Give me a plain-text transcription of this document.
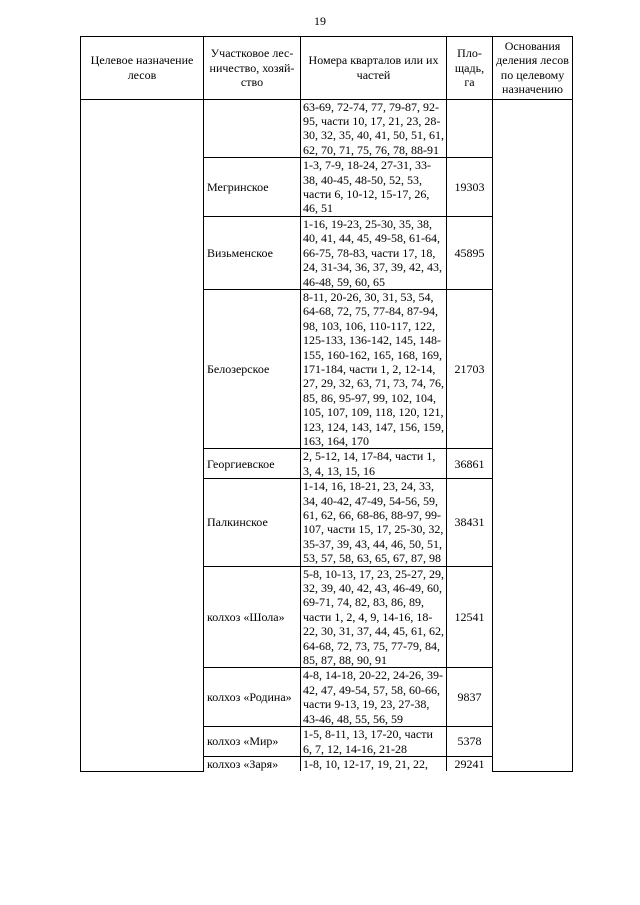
19
Целевое назначение лесов	Участковое лес-ничество, хозяй-ство	Номера кварталов или их частей	Пло-щадь, га	Основания деления лесов по целевому назначению
		63-69, 72-74, 77, 79-87, 92-95, части 10, 17, 21, 23, 28-30, 32, 35, 40, 41, 50, 51, 61, 62, 70, 71, 75, 76, 78, 88-91		
	Мегринское	1-3, 7-9, 18-24, 27-31, 33-38, 40-45, 48-50, 52, 53, части 6, 10-12, 15-17, 26, 46, 51	19303	
	Визьменское	1-16, 19-23, 25-30, 35, 38, 40, 41, 44, 45, 49-58, 61-64, 66-75, 78-83, части 17, 18, 24, 31-34, 36, 37, 39, 42, 43, 46-48, 59, 60, 65	45895	
	Белозерское	8-11, 20-26, 30, 31, 53, 54, 64-68, 72, 75, 77-84, 87-94, 98, 103, 106, 110-117, 122, 125-133, 136-142, 145, 148-155, 160-162, 165, 168, 169, 171-184, части 1, 2, 12-14, 27, 29, 32, 63, 71, 73, 74, 76, 85, 86, 95-97, 99, 102, 104, 105, 107, 109, 118, 120, 121, 123, 124, 143, 147, 156, 159, 163, 164, 170	21703	
	Георгиевское	2, 5-12, 14, 17-84, части 1, 3, 4, 13, 15, 16	36861	
	Палкинское	1-14, 16, 18-21, 23, 24, 33, 34, 40-42, 47-49, 54-56, 59, 61, 62, 66, 68-86, 88-97, 99-107, части 15, 17, 25-30, 32, 35-37, 39, 43, 44, 46, 50, 51, 53, 57, 58, 63, 65, 67, 87, 98	38431	
	колхоз «Шола»	5-8, 10-13, 17, 23, 25-27, 29, 32, 39, 40, 42, 43, 46-49, 60, 69-71, 74, 82, 83, 86, 89, части 1, 2, 4, 9, 14-16, 18-22, 30, 31, 37, 44, 45, 61, 62, 64-68, 72, 73, 75, 77-79, 84, 85, 87, 88, 90, 91	12541	
	колхоз «Родина»	4-8, 14-18, 20-22, 24-26, 39-42, 47, 49-54, 57, 58, 60-66, части 9-13, 19, 23, 27-38, 43-46, 48, 55, 56, 59	9837	
	колхоз «Мир»	1-5, 8-11, 13, 17-20, части 6, 7, 12, 14-16, 21-28	5378	
	колхоз «Заря»	1-8, 10, 12-17, 19, 21, 22,	29241	
